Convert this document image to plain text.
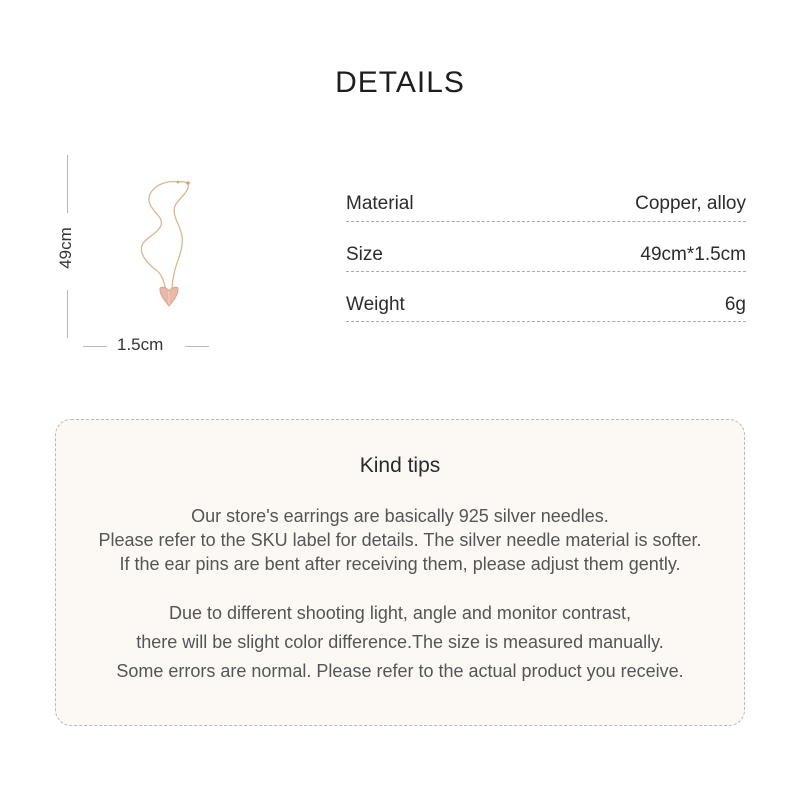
DETAILS
49cm
1.5cm
Material	Copper, alloy
Size	49cm*1.5cm
Weight	6g
Kind tips
Our store's earrings are basically 925 silver needles.
Please refer to the SKU label for details. The silver needle material is softer.
If the ear pins are bent after receiving them, please adjust them gently.
Due to different shooting light, angle and monitor contrast,
there will be slight color difference.The size is measured manually.
Some errors are normal. Please refer to the actual product you receive.
